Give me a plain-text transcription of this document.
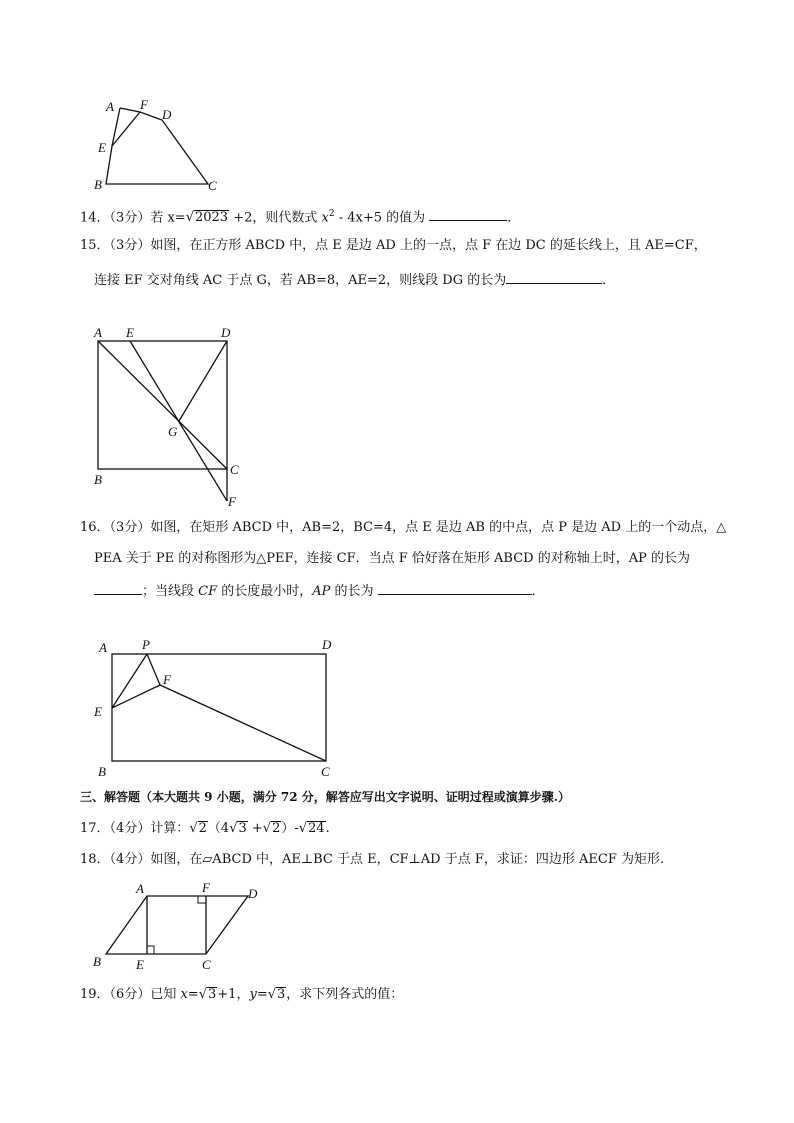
A F
D
E
B	C
14．（3分）若 x=√2023 +2，则代数式 $x^2 - 4x+5$ 的值为	．
15．（3分）如图，在正方形 ABCD 中，点 E 是边 AD 上的一点，点 F 在边 DC 的延长线上，且 AE=CF，
连接 EF 交对角线 AC 于点 G，若 AB=8，AE=2，则线段 DG 的长为	．
A E	D
G
B
C
F
16．（3分）如图，在矩形 ABCD 中，AB=2，BC=4，点 E 是边 AB 的中点，点 P 是边 AD 上的一个动点，△
PEA 关于 PE 的对称图形为△PEF，连接 CF．当点 F 恰好落在矩形 ABCD 的对称轴上时，AP 的长为
；当线段 CF 的长度最小时，AP 的长为	．
A	P	D
F
E
B	C
三、解答题（本大题共 9 小题，满分 72 分，解答应写出文字说明、证明过程或演算步骤.）
17．（4分）计算：√2（4√3 +√2）-√24.
18．（4分）如图，在▱ABCD 中，AE⊥BC 于点 E，CF⊥AD 于点 F，求证：四边形 AECF 为矩形.
A	F	D
B	E	C
19．（6分）已知 x=√3+1，y=√3，求下列各式的值：
